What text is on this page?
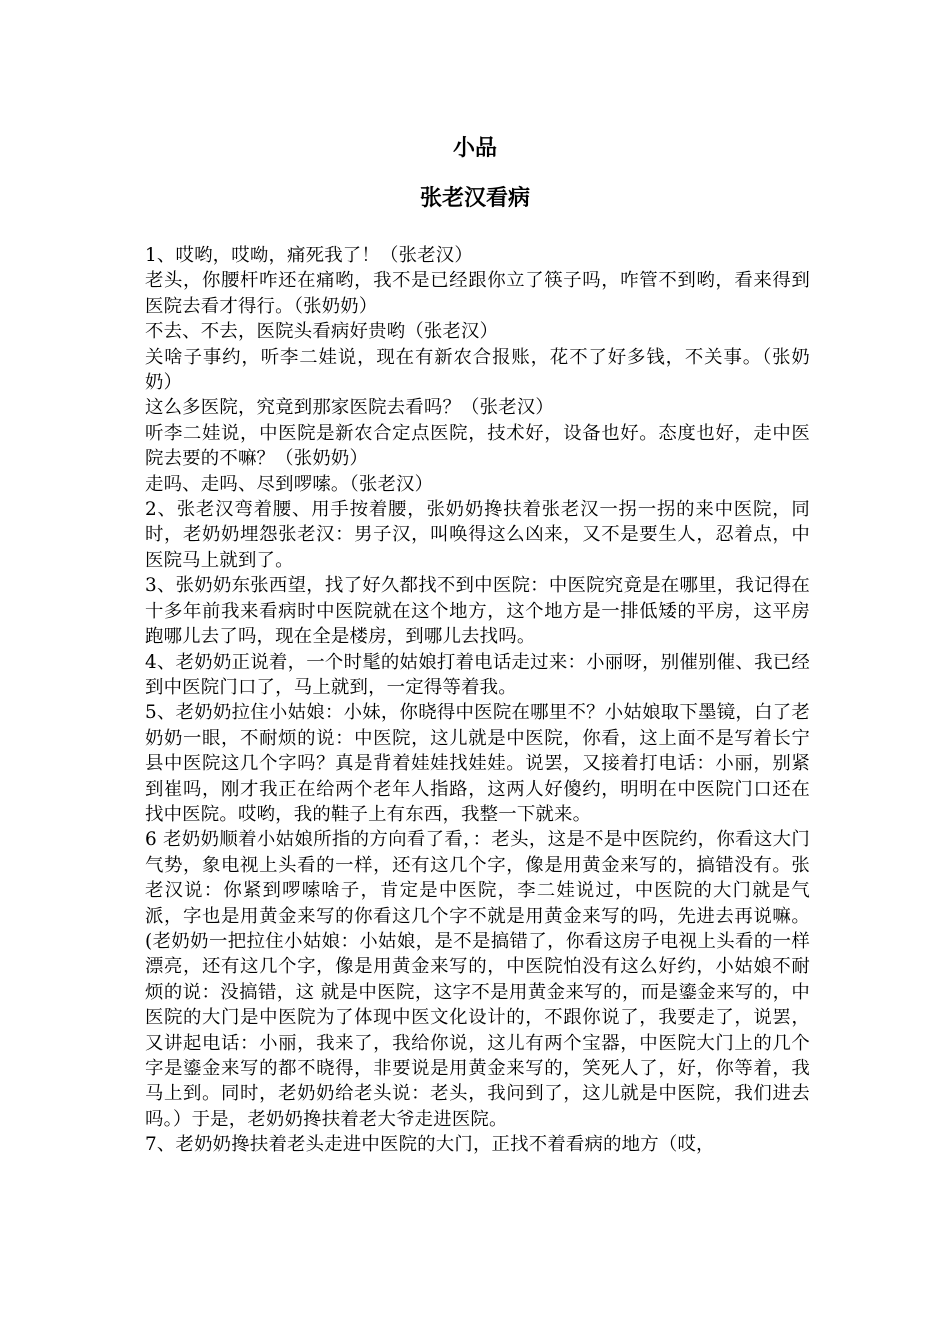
小品
张老汉看病

1、哎哟，哎呦，痛死我了！（张老汉）

老头，你腰杆咋还在痛哟，我不是已经跟你立了筷子吗，咋管不到哟，看来得到医院去看才得行。（张奶奶）

不去、不去，医院头看病好贵哟（张老汉）

关啥子事约，听李二娃说，现在有新农合报账，花不了好多钱，不关事。（张奶奶）

这么多医院，究竟到那家医院去看吗？（张老汉）

听李二娃说，中医院是新农合定点医院，技术好，设备也好。态度也好，走中医院去要的不嘛？（张奶奶）

走吗、走吗、尽到啰嗦。（张老汉）

2、张老汉弯着腰、用手按着腰，张奶奶搀扶着张老汉一拐一拐的来中医院，同时，老奶奶埋怨张老汉：男子汉，叫唤得这么凶来，又不是要生人，忍着点，中医院马上就到了。

3、张奶奶东张西望，找了好久都找不到中医院：中医院究竟是在哪里，我记得在十多年前我来看病时中医院就在这个地方，这个地方是一排低矮的平房，这平房跑哪儿去了吗，现在全是楼房，到哪儿去找吗。

4、老奶奶正说着，一个时髦的姑娘打着电话走过来：小丽呀，别催别催、我已经到中医院门口了，马上就到，一定得等着我。

5、老奶奶拉住小姑娘：小妹，你晓得中医院在哪里不？小姑娘取下墨镜，白了老奶奶一眼，不耐烦的说：中医院，这儿就是中医院，你看，这上面不是写着长宁县中医院这几个字吗？真是背着娃娃找娃娃。说罢，又接着打电话：小丽，别紧到崔吗，刚才我正在给两个老年人指路，这两人好傻约，明明在中医院门口还在找中医院。哎哟，我的鞋子上有东西，我整一下就来。

6 老奶奶顺着小姑娘所指的方向看了看，：老头，这是不是中医院约，你看这大门气势，象电视上头看的一样，还有这几个字，像是用黄金来写的，搞错没有。张老汉说：你紧到啰嗦啥子，肯定是中医院，李二娃说过，中医院的大门就是气派，字也是用黄金来写的你看这几个字不就是用黄金来写的吗，先进去再说嘛。(老奶奶一把拉住小姑娘：小姑娘，是不是搞错了，你看这房子电视上头看的一样漂亮，还有这几个字，像是用黄金来写的，中医院怕没有这么好约，小姑娘不耐烦的说：没搞错，这 就是中医院，这字不是用黄金来写的，而是鎏金来写的，中医院的大门是中医院为了体现中医文化设计的，不跟你说了，我要走了，说罢，又讲起电话：小丽，我来了，我给你说，这儿有两个宝器，中医院大门上的几个字是鎏金来写的都不晓得，非要说是用黄金来写的，笑死人了，好，你等着，我马上到。同时，老奶奶给老头说：老头，我问到了，这儿就是中医院，我们进去吗。）于是，老奶奶搀扶着老大爷走进医院。

7、老奶奶搀扶着老头走进中医院的大门，正找不着看病的地方（哎，
